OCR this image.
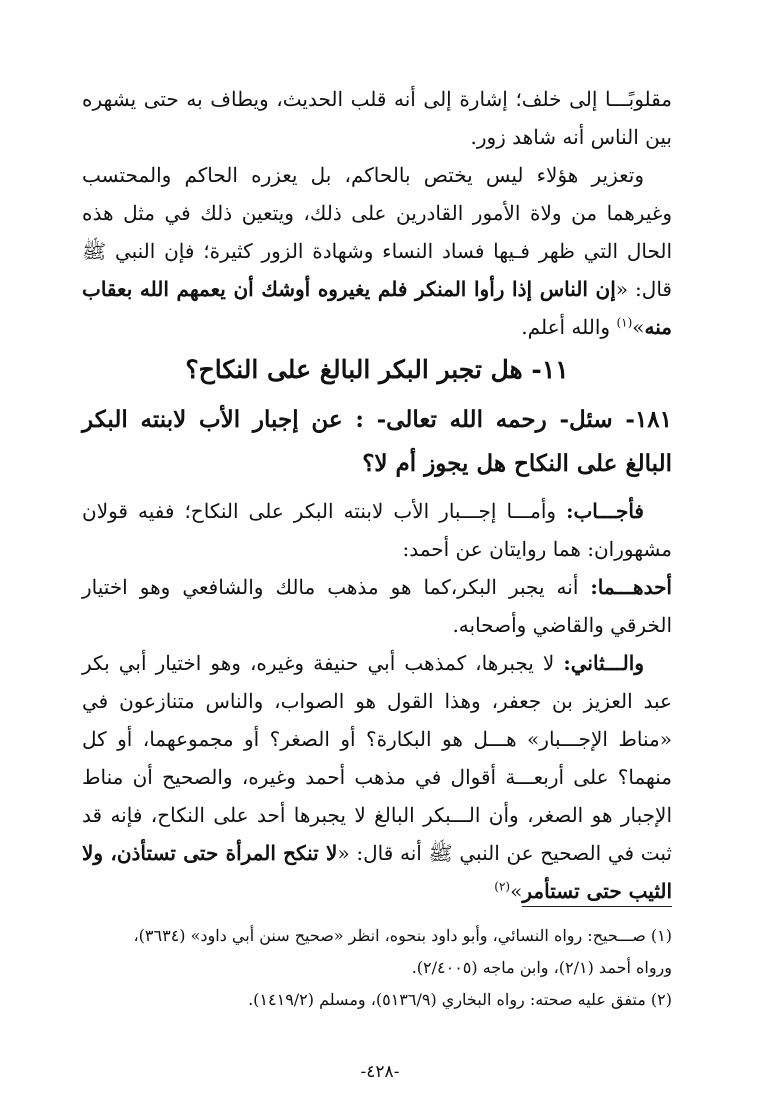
مقلوبًـــا إلى خلف؛ إشارة إلى أنه قلب الحديث، ويطاف به حتى يشهره بين الناس أنه شاهد زور.

وتعزير هؤلاء ليس يختص بالحاكم، بل يعزره الحاكم والمحتسب وغيرهما من ولاة الأمور القادرين على ذلك، ويتعين ذلك في مثل هذه الحال التي ظهر فـيها فساد النساء وشهادة الزور كثيرة؛ فإن النبي ﷺ قال: «إن الناس إذا رأوا المنكر فلم يغيروه أوشك أن يعمهم الله بعقاب منه»$^{(١)}$ والله أعلم.

١١- هل تجبر البكر البالغ على النكاح؟
١٨١- سئل- رحمه الله تعالى- : عن إجبار الأب لابنته البكر البالغ على النكاح هل يجوز أم لا؟

فأجـــاب: وأمـــا إجـــبار الأب لابنته البكر على النكاح؛ ففيه قولان مشهوران: هما روايتان عن أحمد:

أحدهـــما: أنه يجبر البكر،كما هو مذهب مالك والشافعي وهو اختيار الخرقي والقاضي وأصحابه.

والـــثاني: لا يجبرها، كمذهب أبي حنيفة وغيره، وهو اختيار أبي بكر عبد العزيز بن جعفر، وهذا القول هو الصواب، والناس متنازعون في «مناط الإجـــبار» هـــل هو البكارة؟ أو الصغر؟ أو مجموعهما، أو كل منهما؟ على أربعـــة أقوال في مذهب أحمد وغيره، والصحيح أن مناط الإجبار هو الصغر، وأن الـــبكر البالغ لا يجبرها أحد على النكاح، فإنه قد ثبت في الصحيح عن النبي ﷺ أنه قال: «لا تنكح المرأة حتى تستأذن، ولا الثيب حتى تستأمر»$^{(٢)}$

(١) صـــحيح: رواه النسائي، وأبو داود بنحوه، انظر «صحيح سنن أبي داود» (٣٦٣٤)،

ورواه أحمد (٢/١)، وابن ماجه (٢/٤٠٠٥).

(٢) متفق عليه صحته: رواه البخاري (٥١٣٦/٩)، ومسلم (١٤١٩/٢).

-٤٢٨-
